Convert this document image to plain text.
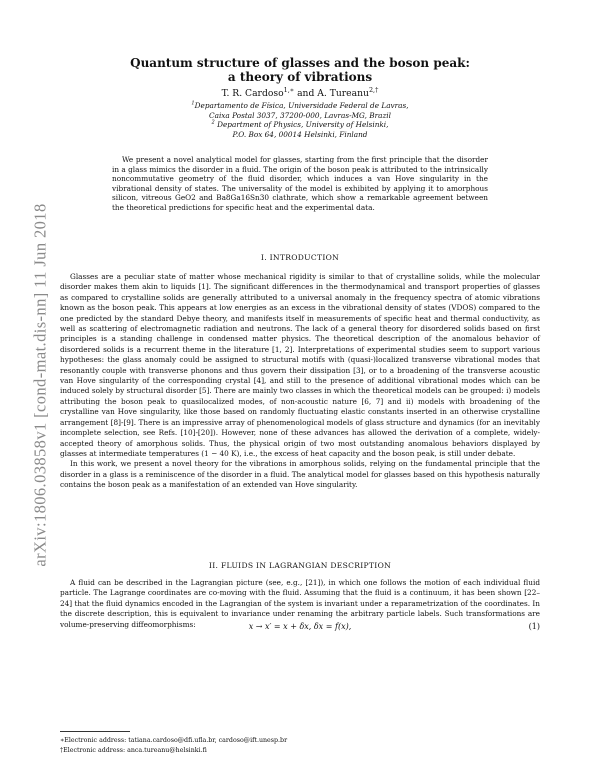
arXiv:1806.03858v1 [cond-mat.dis-nn] 11 Jun 2018
Quantum structure of glasses and the boson peak:
a theory of vibrations
T. R. Cardoso$^{1,∗}$ and A. Tureanu$^{2,\dagger}$
$^1$Departamento de Física, Universidade Federal de Lavras,
Caixa Postal 3037, 37200-000, Lavras-MG, Brazil
$^2$ Department of Physics, University of Helsinki,
P.O. Box 64, 00014 Helsinki, Finland
We present a novel analytical model for glasses, starting from the first principle that the disorder in a glass mimics the disorder in a fluid. The origin of the boson peak is attributed to the intrinsically noncommutative geometry of the fluid disorder, which induces a van Hove singularity in the vibrational density of states. The universality of the model is exhibited by applying it to amorphous silicon, vitreous GeO2 and Ba8Ga16Sn30 clathrate, which show a remarkable agreement between the theoretical predictions for specific heat and the experimental data.
I. INTRODUCTION

Glasses are a peculiar state of matter whose mechanical rigidity is similar to that of crystalline solids, while the molecular disorder makes them akin to liquids [1]. The significant differences in the thermodynamical and transport properties of glasses as compared to crystalline solids are generally attributed to a universal anomaly in the frequency spectra of atomic vibrations known as the boson peak. This appears at low energies as an excess in the vibrational density of states (VDOS) compared to the one predicted by the standard Debye theory, and manifests itself in measurements of specific heat and thermal conductivity, as well as scattering of electromagnetic radiation and neutrons. The lack of a general theory for disordered solids based on first principles is a standing challenge in condensed matter physics. The theoretical description of the anomalous behavior of disordered solids is a recurrent theme in the literature [1, 2]. Interpretations of experimental studies seem to support various hypotheses: the glass anomaly could be assigned to structural motifs with (quasi-)localized transverse vibrational modes that resonantly couple with transverse phonons and thus govern their dissipation [3], or to a broadening of the transverse acoustic van Hove singularity of the corresponding crystal [4], and still to the presence of additional vibrational modes which can be induced solely by structural disorder [5]. There are mainly two classes in which the theoretical models can be grouped: i) models attributing the boson peak to quasilocalized modes, of non-acoustic nature [6, 7] and ii) models with broadening of the crystalline van Hove singularity, like those based on randomly fluctuating elastic constants inserted in an otherwise crystalline arrangement [8]-[9]. There is an impressive array of phenomenological models of glass structure and dynamics (for an inevitably incomplete selection, see Refs. [10]-[20]). However, none of these advances has allowed the derivation of a complete, widely-accepted theory of amorphous solids. Thus, the physical origin of two most outstanding anomalous behaviors displayed by glasses at intermediate temperatures (1 − 40 K), i.e., the excess of heat capacity and the boson peak, is still under debate.

In this work, we present a novel theory for the vibrations in amorphous solids, relying on the fundamental principle that the disorder in a glass is a reminiscence of the disorder in a fluid. The analytical model for glasses based on this hypothesis naturally contains the boson peak as a manifestation of an extended van Hove singularity.

II. FLUIDS IN LAGRANGIAN DESCRIPTION

A fluid can be described in the Lagrangian picture (see, e.g., [21]), in which one follows the motion of each individual fluid particle. The Lagrange coordinates are co-moving with the fluid. Assuming that the fluid is a continuum, it has been shown [22–24] that the fluid dynamics encoded in the Lagrangian of the system is invariant under a reparametrization of the coordinates. In the discrete description, this is equivalent to invariance under renaming the arbitrary particle labels. Such transformations are volume-preserving diffeomorphisms:	x → x′ = x + δx, δx = f(x),	(1)
∗Electronic address: tatiana.cardoso@dfi.ufla.br, cardoso@ift.unesp.br
†Electronic address: anca.tureanu@helsinki.fi
